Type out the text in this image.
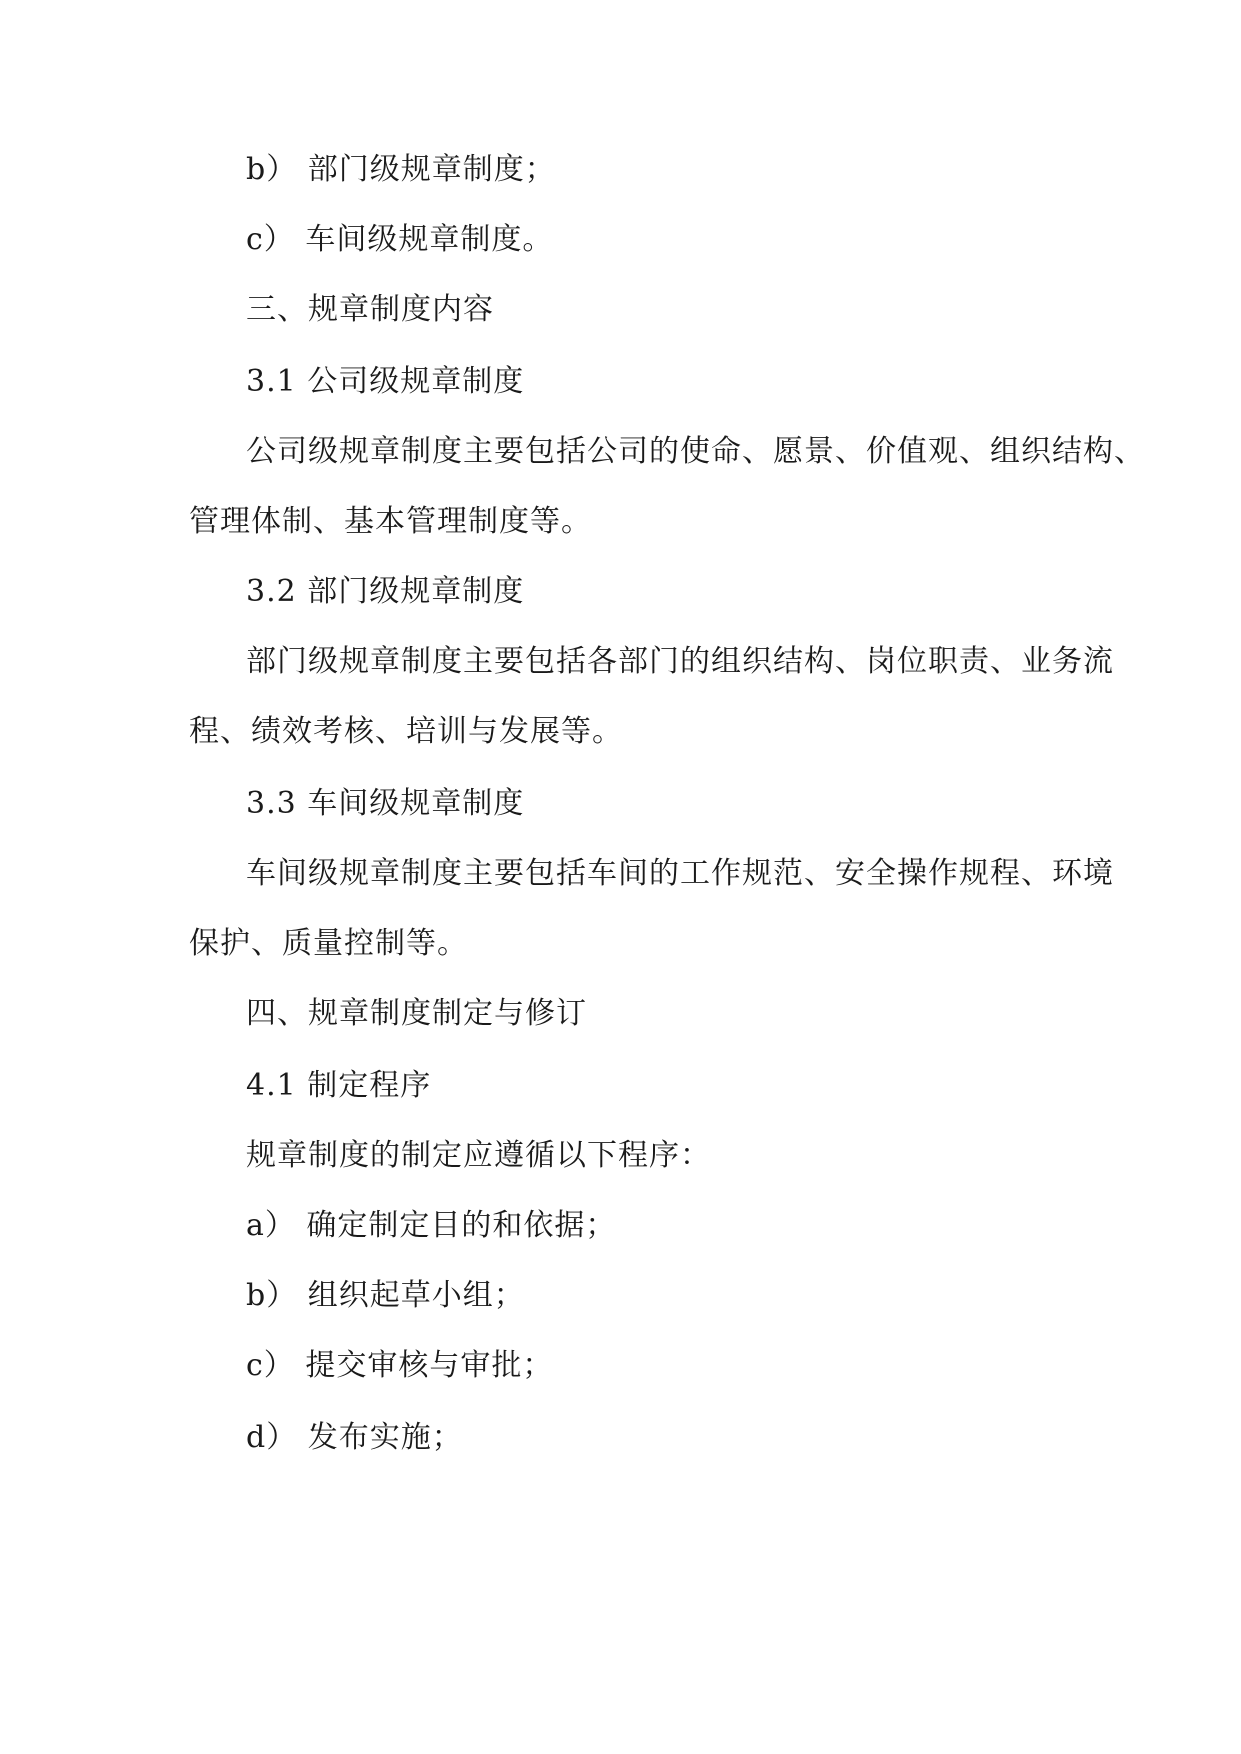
b） 部门级规章制度；
c） 车间级规章制度。
三、规章制度内容
3.1 公司级规章制度
公司级规章制度主要包括公司的使命、愿景、价值观、组织结构、
管理体制、基本管理制度等。
3.2 部门级规章制度
部门级规章制度主要包括各部门的组织结构、岗位职责、业务流
程、绩效考核、培训与发展等。
3.3 车间级规章制度
车间级规章制度主要包括车间的工作规范、安全操作规程、环境
保护、质量控制等。
四、规章制度制定与修订
4.1 制定程序
规章制度的制定应遵循以下程序：
a） 确定制定目的和依据；
b） 组织起草小组；
c） 提交审核与审批；
d） 发布实施；
